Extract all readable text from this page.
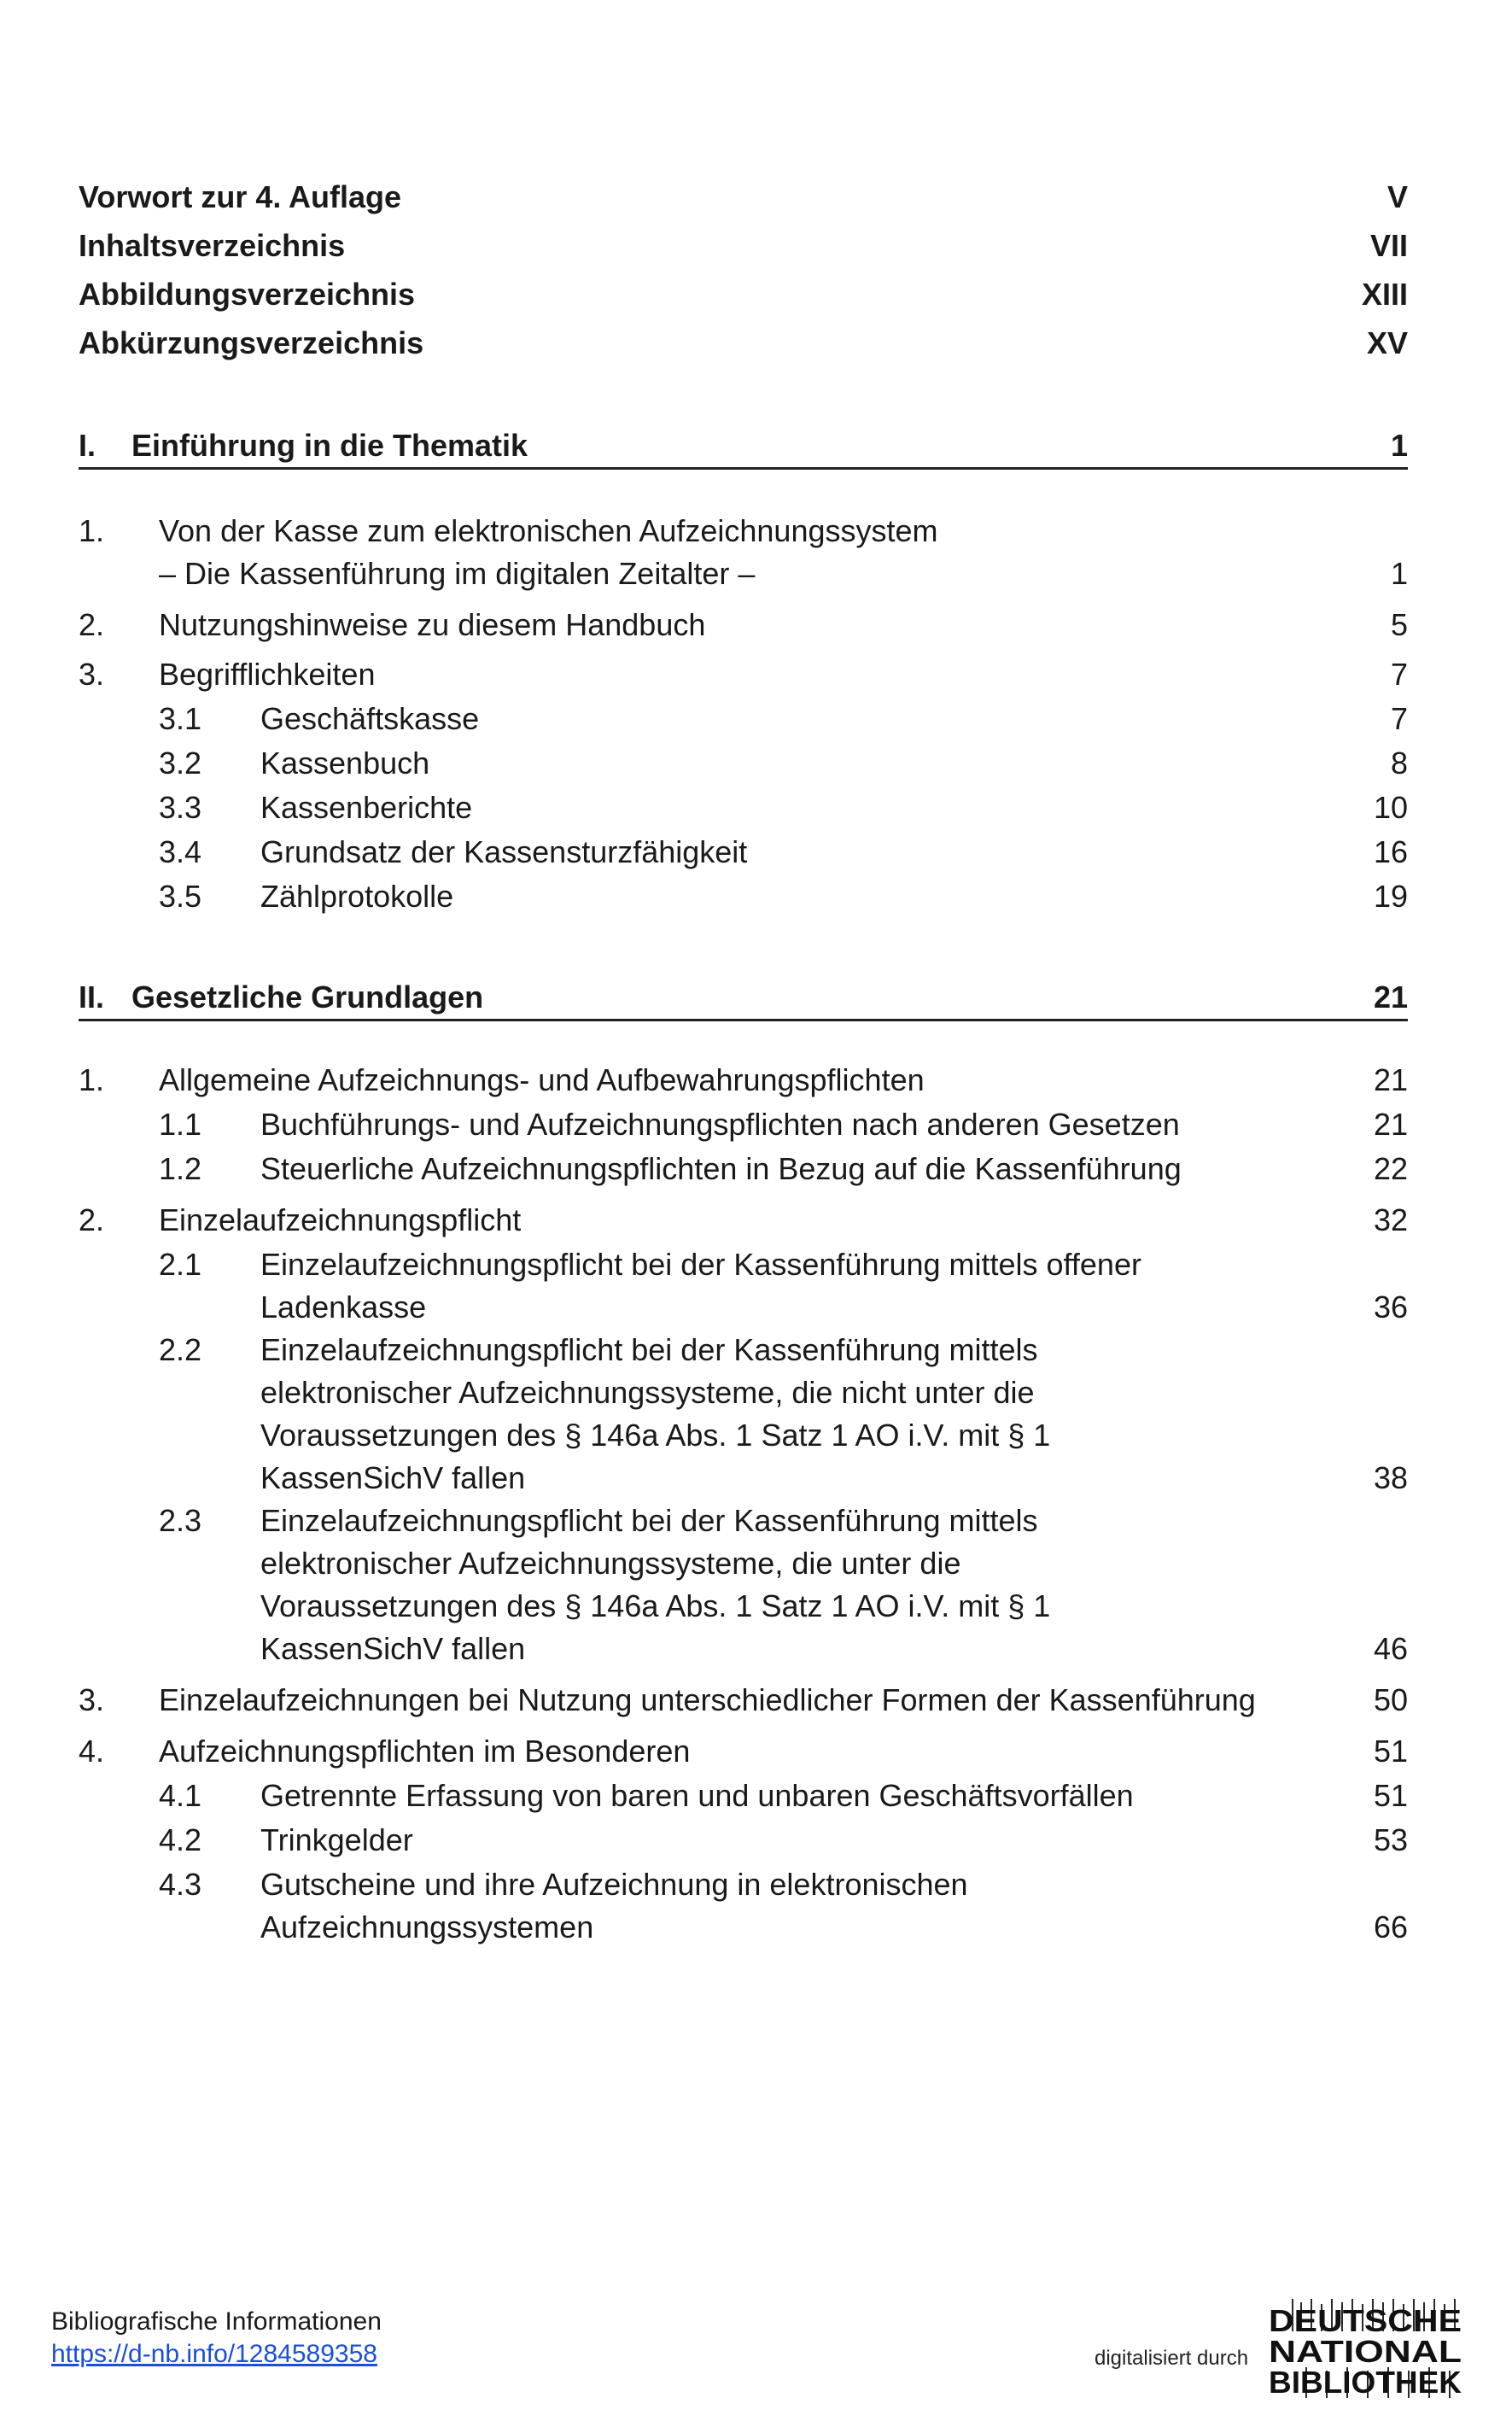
Vorwort zur 4. Auflage	V
Inhaltsverzeichnis	VII
Abbildungsverzeichnis	XIII
Abkürzungsverzeichnis	XV
I.	Einführung in die Thematik	1
1. Von der Kasse zum elektronischen Aufzeichnungssystem
– Die Kassenführung im digitalen Zeitalter –	1
2. Nutzungshinweise zu diesem Handbuch	5
3. Begrifflichkeiten	7
3.1 Geschäftskasse	7
3.2 Kassenbuch	8
3.3 Kassenberichte	10
3.4 Grundsatz der Kassensturzfähigkeit	16
3.5 Zählprotokolle	19
II. Gesetzliche Grundlagen	21
1. Allgemeine Aufzeichnungs- und Aufbewahrungspflichten	21
1.1 Buchführungs- und Aufzeichnungspflichten nach anderen Gesetzen	21
1.2 Steuerliche Aufzeichnungspflichten in Bezug auf die Kassenführung	22
2. Einzelaufzeichnungspflicht	32
2.1 Einzelaufzeichnungspflicht bei der Kassenführung mittels offener
Ladenkasse	36
2.2 Einzelaufzeichnungspflicht bei der Kassenführung mittels
elektronischer Aufzeichnungssysteme, die nicht unter die
Voraussetzungen des § 146a Abs. 1 Satz 1 AO i.V. mit § 1
KassenSichV fallen	38
2.3 Einzelaufzeichnungspflicht bei der Kassenführung mittels
elektronischer Aufzeichnungssysteme, die unter die
Voraussetzungen des § 146a Abs. 1 Satz 1 AO i.V. mit § 1
KassenSichV fallen	46
3. Einzelaufzeichnungen bei Nutzung unterschiedlicher Formen der Kassenführung	50
4. Aufzeichnungspflichten im Besonderen	51
4.1 Getrennte Erfassung von baren und unbaren Geschäftsvorfällen	51
4.2 Trinkgelder	53
4.3 Gutscheine und ihre Aufzeichnung in elektronischen
Aufzeichnungssystemen	66
Bibliografische Informationen
https://d-nb.info/1284589358	digitalisiert durch
DEUTSCHE
NATIONAL
BIBLIOTHEK
